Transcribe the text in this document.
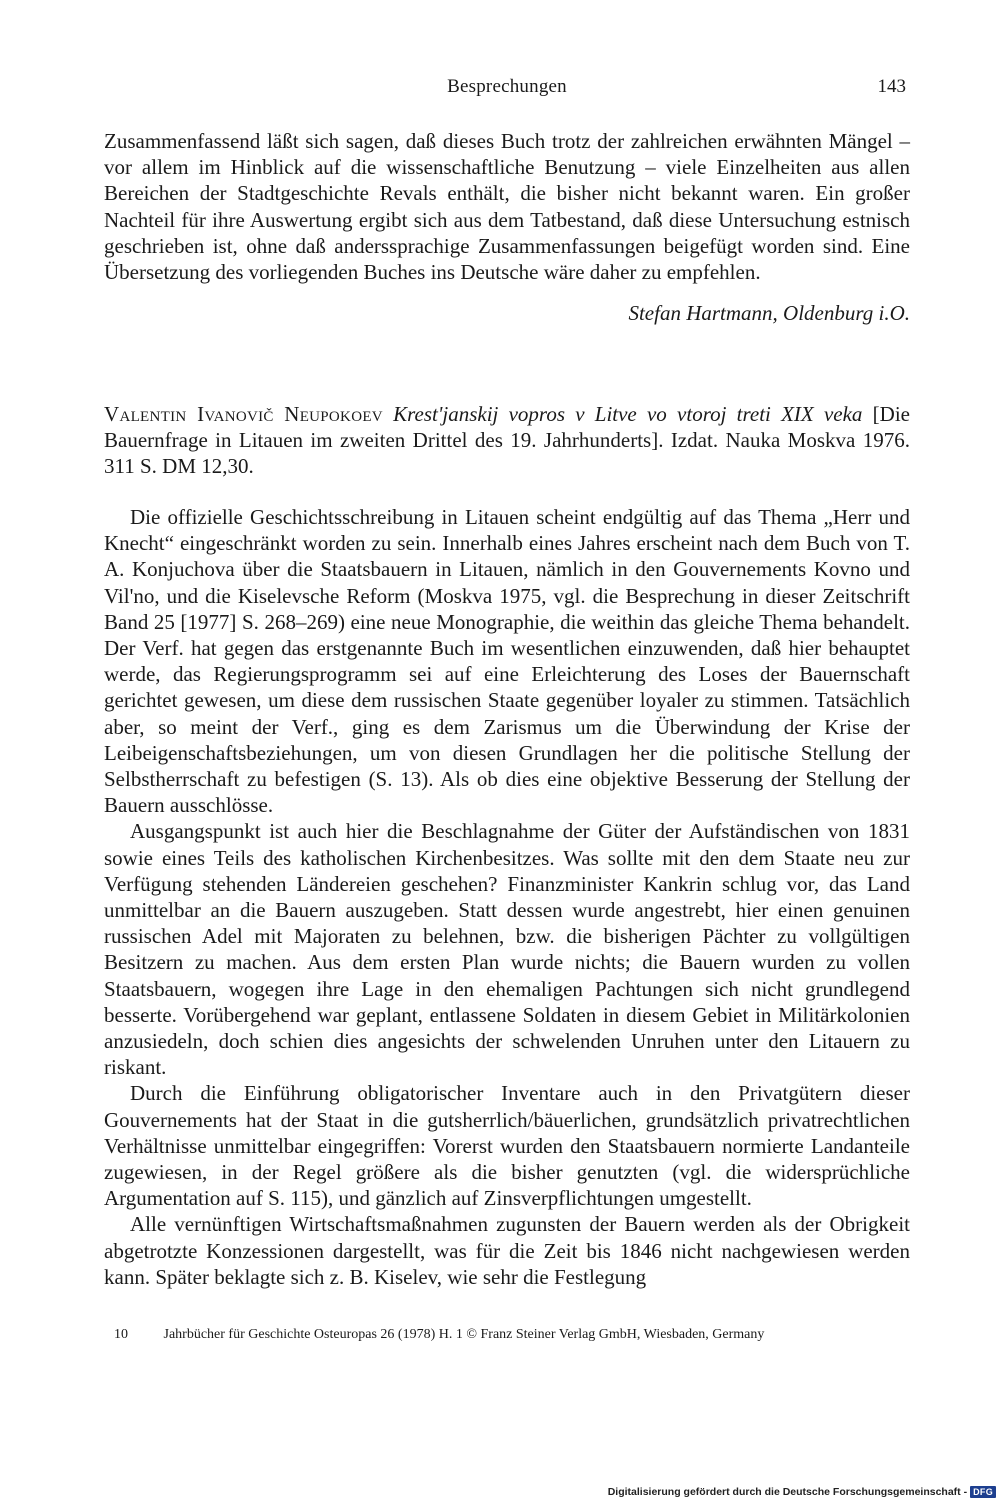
Besprechungen	143

Zusammenfassend läßt sich sagen, daß dieses Buch trotz der zahlreichen erwähnten Mängel – vor allem im Hinblick auf die wissenschaftliche Benutzung – viele Einzelheiten aus allen Bereichen der Stadtgeschichte Revals enthält, die bisher nicht bekannt waren. Ein großer Nachteil für ihre Auswertung ergibt sich aus dem Tatbestand, daß diese Untersuchung estnisch geschrieben ist, ohne daß anderssprachige Zusammenfassungen beigefügt worden sind. Eine Übersetzung des vorliegenden Buches ins Deutsche wäre daher zu empfehlen.

Stefan Hartmann, Oldenburg i.O.
Valentin Ivanovič Neupokoev Krest'janskij vopros v Litve vo vtoroj treti XIX veka [Die Bauernfrage in Litauen im zweiten Drittel des 19. Jahrhunderts]. Izdat. Nauka Moskva 1976. 311 S. DM 12,30.

Die offizielle Geschichtsschreibung in Litauen scheint endgültig auf das Thema „Herr und Knecht“ eingeschränkt worden zu sein. Innerhalb eines Jahres erscheint nach dem Buch von T. A. Konjuchova über die Staatsbauern in Litauen, nämlich in den Gouvernements Kovno und Vil'no, und die Kiselevsche Reform (Moskva 1975, vgl. die Besprechung in dieser Zeitschrift Band 25 [1977] S. 268–269) eine neue Monographie, die weithin das gleiche Thema behandelt. Der Verf. hat gegen das erstgenannte Buch im wesentlichen einzuwenden, daß hier behauptet werde, das Regierungsprogramm sei auf eine Erleichterung des Loses der Bauernschaft gerichtet gewesen, um diese dem russischen Staate gegenüber loyaler zu stimmen. Tatsächlich aber, so meint der Verf., ging es dem Zarismus um die Überwindung der Krise der Leibeigenschaftsbeziehungen, um von diesen Grundlagen her die politische Stellung der Selbstherrschaft zu befestigen (S. 13). Als ob dies eine objektive Besserung der Stellung der Bauern ausschlösse.

Ausgangspunkt ist auch hier die Beschlagnahme der Güter der Aufständischen von 1831 sowie eines Teils des katholischen Kirchenbesitzes. Was sollte mit den dem Staate neu zur Verfügung stehenden Ländereien geschehen? Finanzminister Kankrin schlug vor, das Land unmittelbar an die Bauern auszugeben. Statt dessen wurde angestrebt, hier einen genuinen russischen Adel mit Majoraten zu belehnen, bzw. die bisherigen Pächter zu vollgültigen Besitzern zu machen. Aus dem ersten Plan wurde nichts; die Bauern wurden zu vollen Staatsbauern, wogegen ihre Lage in den ehemaligen Pachtungen sich nicht grundlegend besserte. Vorübergehend war geplant, entlassene Soldaten in diesem Gebiet in Militärkolonien anzusiedeln, doch schien dies angesichts der schwelenden Unruhen unter den Litauern zu riskant.

Durch die Einführung obligatorischer Inventare auch in den Privatgütern dieser Gouvernements hat der Staat in die gutsherrlich/bäuerlichen, grundsätzlich privatrechtlichen Verhältnisse unmittelbar eingegriffen: Vorerst wurden den Staatsbauern normierte Landanteile zugewiesen, in der Regel größere als die bisher genutzten (vgl. die widersprüchliche Argumentation auf S. 115), und gänzlich auf Zinsverpflichtungen umgestellt.

Alle vernünftigen Wirtschaftsmaßnahmen zugunsten der Bauern werden als der Obrigkeit abgetrotzte Konzessionen dargestellt, was für die Zeit bis 1846 nicht nachgewiesen werden kann. Später beklagte sich z. B. Kiselev, wie sehr die Festlegung

10	Jahrbücher für Geschichte Osteuropas 26 (1978) H. 1 © Franz Steiner Verlag GmbH, Wiesbaden, Germany
Digitalisierung gefördert durch die Deutsche Forschungsgemeinschaft - DFG
